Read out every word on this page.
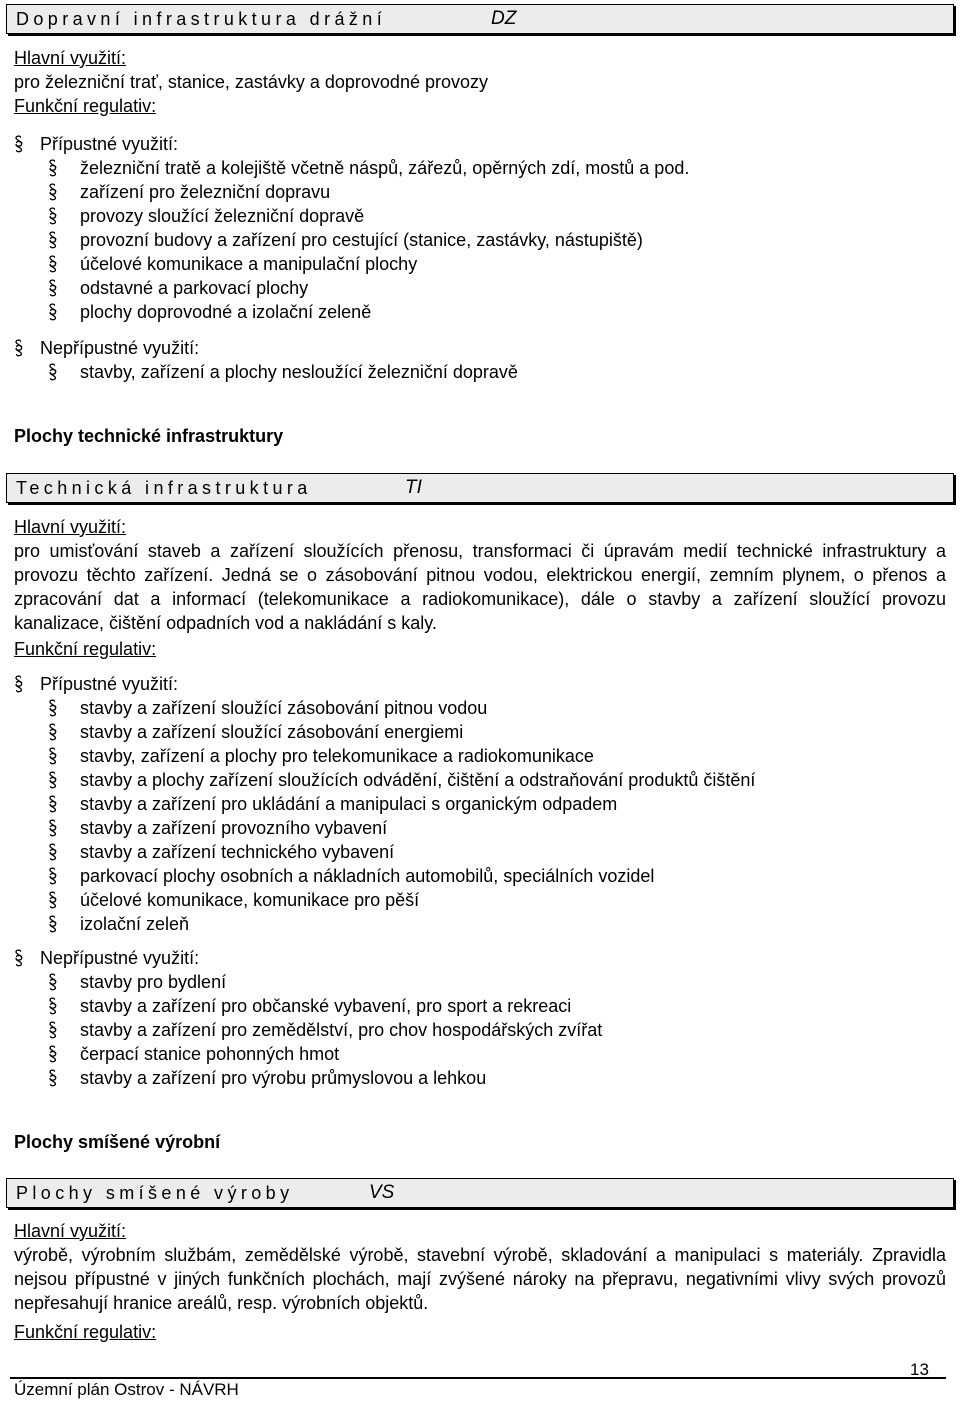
Dopravní infrastruktura drážní	DZ
Hlavní využití:
pro železniční trať, stanice, zastávky a doprovodné provozy
Funkční regulativ:
Přípustné využití:
železniční tratě a kolejiště včetně náspů, zářezů, opěrných zdí, mostů a pod.
zařízení pro železniční dopravu
provozy sloužící železniční dopravě
provozní budovy a zařízení pro cestující (stanice, zastávky, nástupiště)
účelové komunikace a manipulační plochy
odstavné a parkovací plochy
plochy doprovodné a izolační zeleně
Nepřípustné využití:
stavby, zařízení a plochy nesloužící železniční dopravě
Plochy technické infrastruktury
Technická infrastruktura	TI
Hlavní využití:
pro umisťování staveb a zařízení sloužících přenosu, transformaci či úpravám medií technické infrastruktury a provozu těchto zařízení. Jedná se o zásobování pitnou vodou, elektrickou energií, zemním plynem, o přenos a zpracování dat a informací (telekomunikace a radiokomunikace), dále o stavby a zařízení sloužící provozu kanalizace, čištění odpadních vod a nakládání s kaly.
Funkční regulativ:
Přípustné využití:
stavby a zařízení sloužící zásobování pitnou vodou
stavby a zařízení sloužící zásobování energiemi
stavby, zařízení a plochy pro telekomunikace a radiokomunikace
stavby a plochy zařízení sloužících odvádění, čištění a odstraňování produktů čištění
stavby a zařízení pro ukládání a manipulaci s organickým odpadem
stavby a zařízení provozního vybavení
stavby a zařízení technického vybavení
parkovací plochy osobních a nákladních automobilů, speciálních vozidel
účelové komunikace, komunikace pro pěší
izolační zeleň
Nepřípustné využití:
stavby pro bydlení
stavby a zařízení pro občanské vybavení, pro sport a rekreaci
stavby a zařízení pro zemědělství, pro chov hospodářských zvířat
čerpací stanice pohonných hmot
stavby a zařízení pro výrobu průmyslovou a lehkou
Plochy smíšené výrobní
Plochy smíšené výroby	VS
Hlavní využití:
výrobě, výrobním službám, zemědělské výrobě, stavební výrobě, skladování a manipulaci s materiály. Zpravidla nejsou přípustné v jiných funkčních plochách, mají zvýšené nároky na přepravu, negativními vlivy svých provozů nepřesahují hranice areálů, resp. výrobních objektů.
Funkční regulativ:
13
Územní plán Ostrov - NÁVRH
